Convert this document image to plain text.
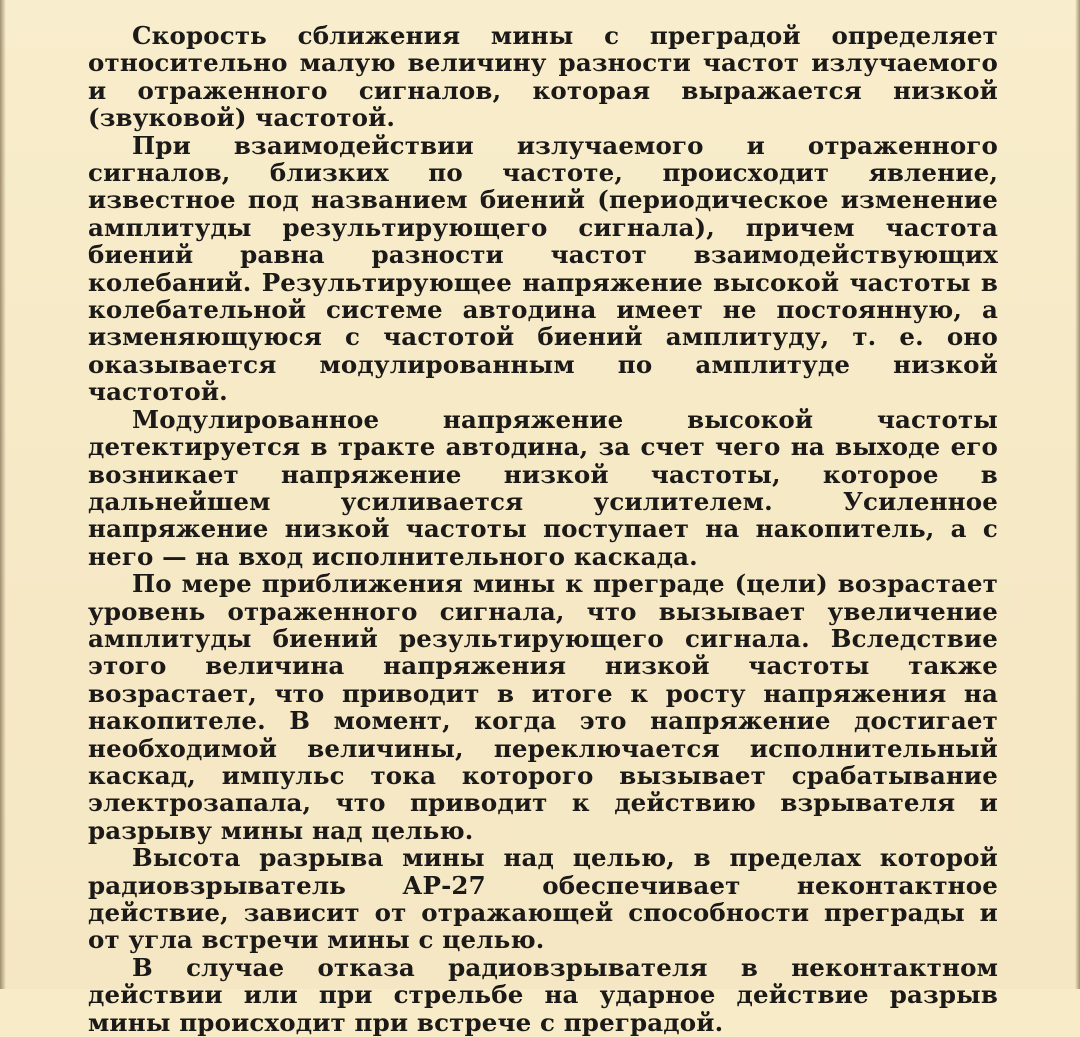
Скорость сближения мины с преградой определяет относительно малую величину разности частот излучаемого и отраженного сигналов, которая выражается низкой (звуковой) частотой.

При взаимодействии излучаемого и отраженного сигналов, близких по частоте, происходит явление, известное под названием биений (периодическое изменение амплитуды результирующего сигнала), причем частота биений равна разности частот взаимодействующих колебаний. Результирующее напряжение высокой частоты в колебательной системе автодина имеет не постоянную, а изменяющуюся с частотой биений амплитуду, т. е. оно оказывается модулированным по амплитуде низкой частотой.

Модулированное напряжение высокой частоты детектируется в тракте автодина, за счет чего на выходе его возникает напряжение низкой частоты, которое в дальнейшем усиливается усилителем. Усиленное напряжение низкой частоты поступает на накопитель, а с него — на вход исполнительного каскада.

По мере приближения мины к преграде (цели) возрастает уровень отраженного сигнала, что вызывает увеличение амплитуды биений результирующего сигнала. Вследствие этого величина напряжения низкой частоты также возрастает, что приводит в итоге к росту напряжения на накопителе. В момент, когда это напряжение достигает необходимой величины, переключается исполнительный каскад, импульс тока которого вызывает срабатывание электрозапала, что приводит к действию взрывателя и разрыву мины над целью.

Высота разрыва мины над целью, в пределах которой радиовзрыватель АР-27 обеспечивает неконтактное действие, зависит от отражающей способности преграды и от угла встречи мины с целью.

В случае отказа радиовзрывателя в неконтактном действии или при стрельбе на ударное действие разрыв мины происходит при встрече с преградой.
